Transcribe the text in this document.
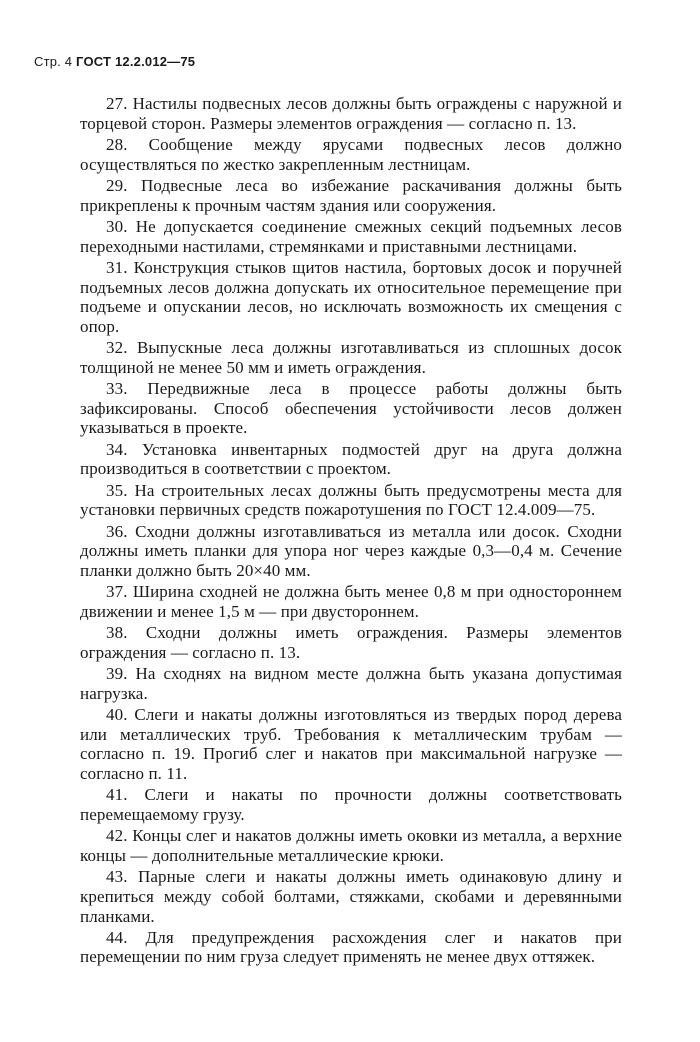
Стр. 4 ГОСТ 12.2.012—75

27. Настилы подвесных лесов должны быть ограждены с наружной и торцевой сторон. Размеры элементов ограждения — согласно п. 13.

28. Сообщение между ярусами подвесных лесов должно осуществляться по жестко закрепленным лестницам.

29. Подвесные леса во избежание раскачивания должны быть прикреплены к прочным частям здания или сооружения.

30. Не допускается соединение смежных секций подъемных лесов переходными настилами, стремянками и приставными лестницами.

31. Конструкция стыков щитов настила, бортовых досок и поручней подъемных лесов должна допускать их относительное перемещение при подъеме и опускании лесов, но исключать возможность их смещения с опор.

32. Выпускные леса должны изготавливаться из сплошных досок толщиной не менее 50 мм и иметь ограждения.

33. Передвижные леса в процессе работы должны быть зафиксированы. Способ обеспечения устойчивости лесов должен указываться в проекте.

34. Установка инвентарных подмостей друг на друга должна производиться в соответствии с проектом.

35. На строительных лесах должны быть предусмотрены места для установки первичных средств пожаротушения по ГОСТ 12.4.009—75.

36. Сходни должны изготавливаться из металла или досок. Сходни должны иметь планки для упора ног через каждые 0,3—0,4 м. Сечение планки должно быть 20×40 мм.

37. Ширина сходней не должна быть менее 0,8 м при одностороннем движении и менее 1,5 м — при двустороннем.

38. Сходни должны иметь ограждения. Размеры элементов ограждения — согласно п. 13.

39. На сходнях на видном месте должна быть указана допустимая нагрузка.

40. Слеги и накаты должны изготовляться из твердых пород дерева или металлических труб. Требования к металлическим трубам — согласно п. 19. Прогиб слег и накатов при максимальной нагрузке — согласно п. 11.

41. Слеги и накаты по прочности должны соответствовать перемещаемому грузу.

42. Концы слег и накатов должны иметь оковки из металла, а верхние концы — дополнительные металлические крюки.

43. Парные слеги и накаты должны иметь одинаковую длину и крепиться между собой болтами, стяжками, скобами и деревянными планками.

44. Для предупреждения расхождения слег и накатов при перемещении по ним груза следует применять не менее двух оттяжек.
